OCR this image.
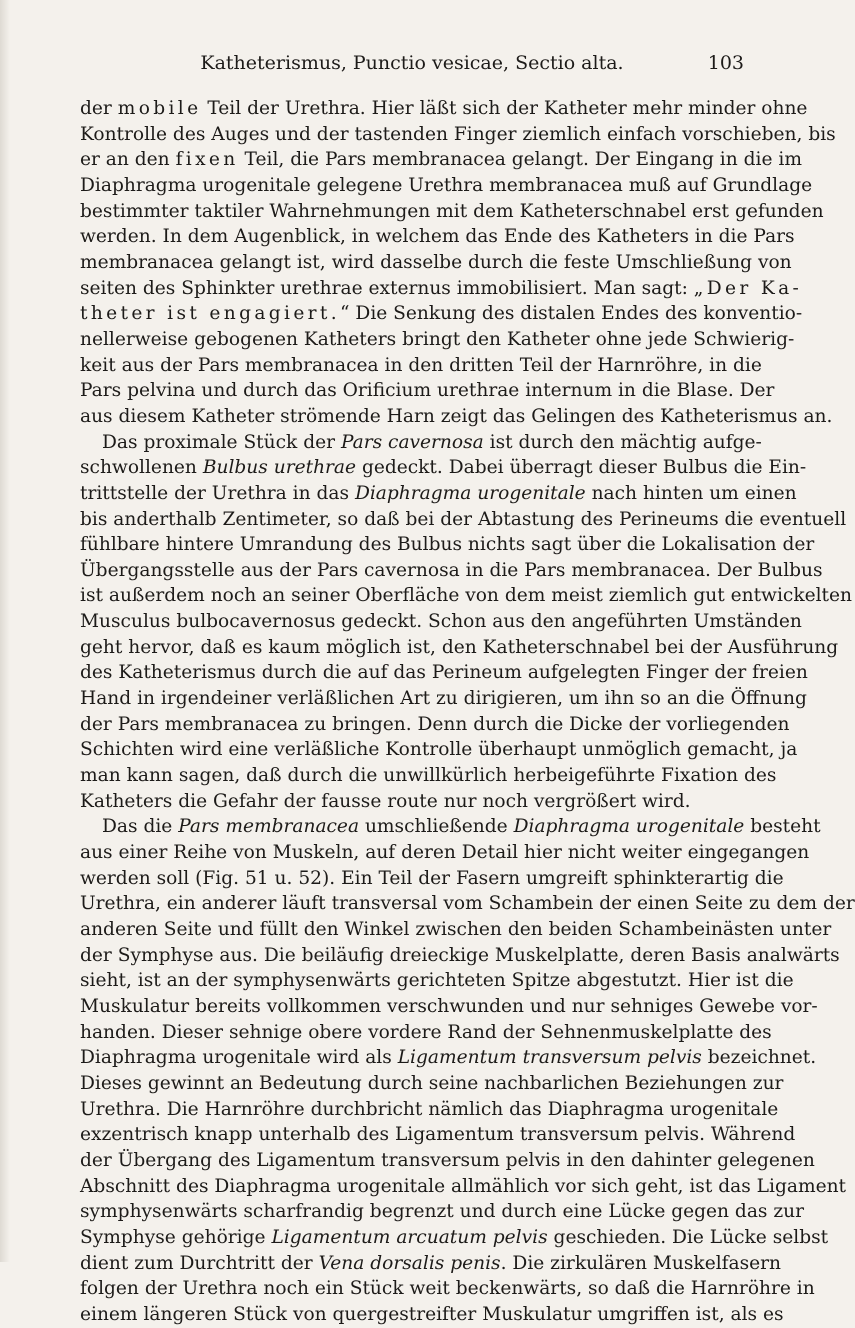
Katheterismus, Punctio vesicae, Sectio alta.	103
der mobile Teil der Urethra. Hier läßt sich der Katheter mehr minder ohne
Kontrolle des Auges und der tastenden Finger ziemlich einfach vorschieben, bis
er an den fixen Teil, die Pars membranacea gelangt. Der Eingang in die im
Diaphragma urogenitale gelegene Urethra membranacea muß auf Grundlage
bestimmter taktiler Wahrnehmungen mit dem Katheterschnabel erst gefunden
werden. In dem Augenblick, in welchem das Ende des Katheters in die Pars
membranacea gelangt ist, wird dasselbe durch die feste Umschließung von
seiten des Sphinkter urethrae externus immobilisiert. Man sagt: „Der Ka-
theter ist engagiert.“ Die Senkung des distalen Endes des konventio-
nellerweise gebogenen Katheters bringt den Katheter ohne jede Schwierig-
keit aus der Pars membranacea in den dritten Teil der Harnröhre, in die
Pars pelvina und durch das Orificium urethrae internum in die Blase. Der
aus diesem Katheter strömende Harn zeigt das Gelingen des Katheterismus an.
Das proximale Stück der Pars cavernosa ist durch den mächtig aufge-
schwollenen Bulbus urethrae gedeckt. Dabei überragt dieser Bulbus die Ein-
trittstelle der Urethra in das Diaphragma urogenitale nach hinten um einen
bis anderthalb Zentimeter, so daß bei der Abtastung des Perineums die eventuell
fühlbare hintere Umrandung des Bulbus nichts sagt über die Lokalisation der
Übergangsstelle aus der Pars cavernosa in die Pars membranacea. Der Bulbus
ist außerdem noch an seiner Oberfläche von dem meist ziemlich gut entwickelten
Musculus bulbocavernosus gedeckt. Schon aus den angeführten Umständen
geht hervor, daß es kaum möglich ist, den Katheterschnabel bei der Ausführung
des Katheterismus durch die auf das Perineum aufgelegten Finger der freien
Hand in irgendeiner verläßlichen Art zu dirigieren, um ihn so an die Öffnung
der Pars membranacea zu bringen. Denn durch die Dicke der vorliegenden
Schichten wird eine verläßliche Kontrolle überhaupt unmöglich gemacht, ja
man kann sagen, daß durch die unwillkürlich herbeigeführte Fixation des
Katheters die Gefahr der fausse route nur noch vergrößert wird.
Das die Pars membranacea umschließende Diaphragma urogenitale besteht
aus einer Reihe von Muskeln, auf deren Detail hier nicht weiter eingegangen
werden soll (Fig. 51 u. 52). Ein Teil der Fasern umgreift sphinkterartig die
Urethra, ein anderer läuft transversal vom Schambein der einen Seite zu dem der
anderen Seite und füllt den Winkel zwischen den beiden Schambeinästen unter
der Symphyse aus. Die beiläufig dreieckige Muskelplatte, deren Basis analwärts
sieht, ist an der symphysenwärts gerichteten Spitze abgestutzt. Hier ist die
Muskulatur bereits vollkommen verschwunden und nur sehniges Gewebe vor-
handen. Dieser sehnige obere vordere Rand der Sehnenmuskelplatte des
Diaphragma urogenitale wird als Ligamentum transversum pelvis bezeichnet.
Dieses gewinnt an Bedeutung durch seine nachbarlichen Beziehungen zur
Urethra. Die Harnröhre durchbricht nämlich das Diaphragma urogenitale
exzentrisch knapp unterhalb des Ligamentum transversum pelvis. Während
der Übergang des Ligamentum transversum pelvis in den dahinter gelegenen
Abschnitt des Diaphragma urogenitale allmählich vor sich geht, ist das Ligament
symphysenwärts scharfrandig begrenzt und durch eine Lücke gegen das zur
Symphyse gehörige Ligamentum arcuatum pelvis geschieden. Die Lücke selbst
dient zum Durchtritt der Vena dorsalis penis. Die zirkulären Muskelfasern
folgen der Urethra noch ein Stück weit beckenwärts, so daß die Harnröhre in
einem längeren Stück von quergestreifter Muskulatur umgriffen ist, als es
